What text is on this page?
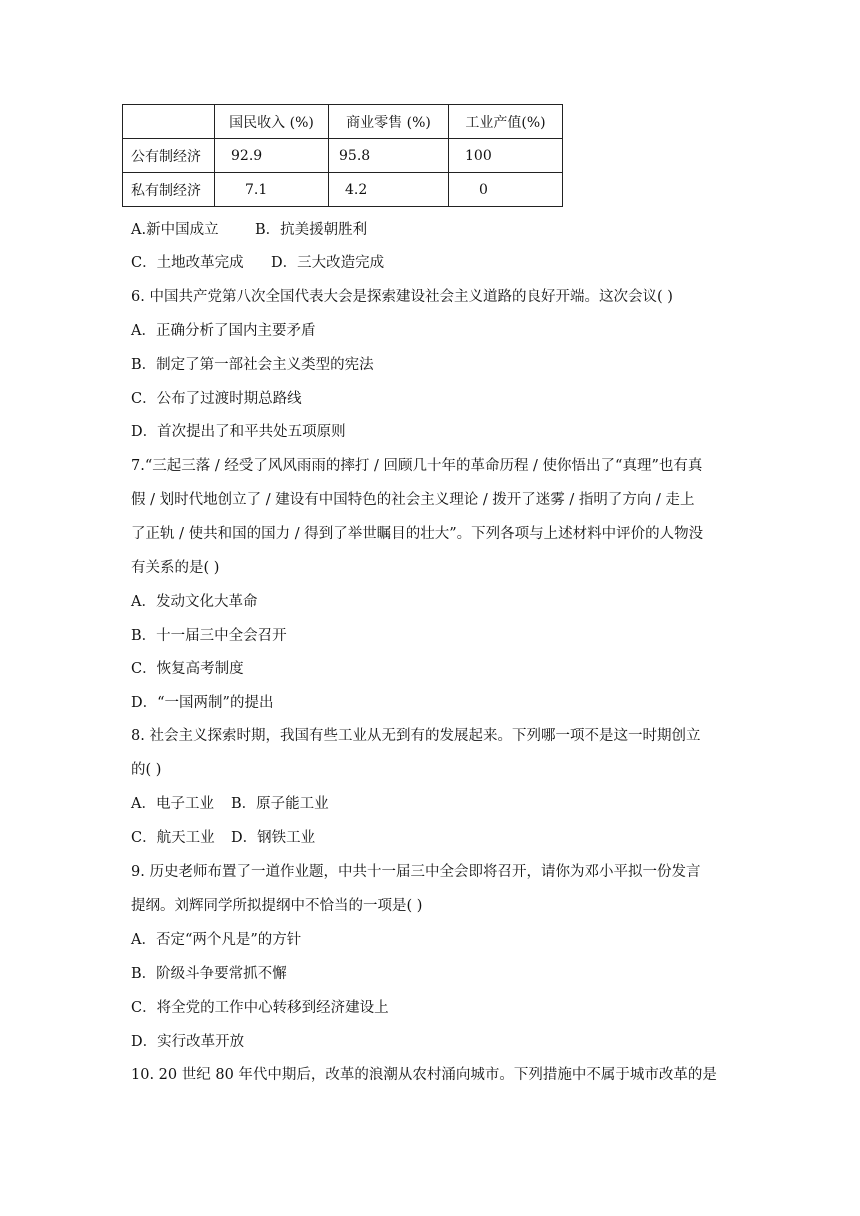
	国民收入 (%)	商业零售 (%)	工业产值(%)
公有制经济	92.9	95.8	100
私有制经济	7.1	4.2	0
A.新中国成立	B．抗美援朝胜利
C．土地改革完成 D．三大改造完成
6. 中国共产党第八次全国代表大会是探索建设社会主义道路的良好开端。这次会议( )
A．正确分析了国内主要矛盾
B．制定了第一部社会主义类型的宪法
C．公布了过渡时期总路线
D．首次提出了和平共处五项原则
7.“三起三落 / 经受了风风雨雨的摔打 / 回顾几十年的革命历程 / 使你悟出了“真理”也有真
假 / 划时代地创立了 / 建设有中国特色的社会主义理论 / 拨开了迷雾 / 指明了方向 / 走上
了正轨 / 使共和国的国力 / 得到了举世瞩目的壮大”。下列各项与上述材料中评价的人物没
有关系的是( )
A．发动文化大革命
B．十一届三中全会召开
C．恢复高考制度
D．“一国两制”的提出
8. 社会主义探索时期，我国有些工业从无到有的发展起来。下列哪一项不是这一时期创立
的( )
A．电子工业 B．原子能工业
C．航天工业 D．钢铁工业
9. 历史老师布置了一道作业题，中共十一届三中全会即将召开，请你为邓小平拟一份发言
提纲。刘辉同学所拟提纲中不恰当的一项是( )
A．否定“两个凡是”的方针
B．阶级斗争要常抓不懈
C．将全党的工作中心转移到经济建设上
D．实行改革开放
10. 20 世纪 80 年代中期后，改革的浪潮从农村涌向城市。下列措施中不属于城市改革的是
